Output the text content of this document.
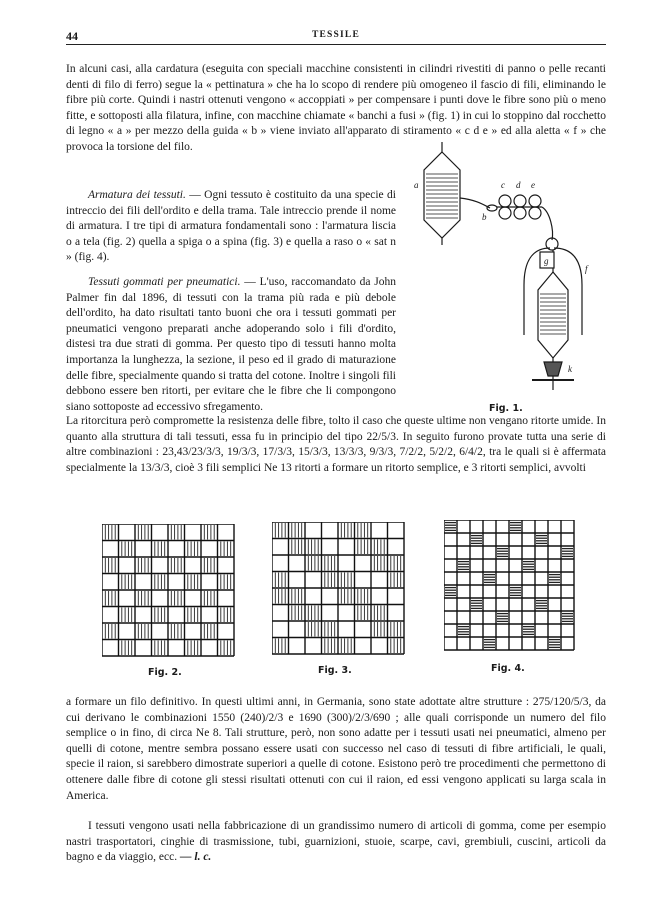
44	TESSILE

In alcuni casi, alla cardatura (eseguita con speciali macchine consistenti in cilindri rivestiti di panno o pelle recanti denti di filo di ferro) segue la « pettinatura » che ha lo scopo di rendere più omogeneo il fascio di fili, eliminando le fibre più corte. Quindi i nastri ottenuti vengono « accoppiati » per compensare i punti dove le fibre sono più o meno fitte, e sottoposti alla filatura, infine, con macchine chiamate « banchi a fusi » (fig. 1) in cui lo stoppino dal rocchetto di legno « a » per mezzo della guida « b » viene inviato all'apparato di stiramento « c d e » ed alla aletta « f » che provoca la torsione del filo.

Armatura dei tessuti. — Ogni tessuto è costituito da una specie di intreccio dei fili dell'ordito e della trama. Tale intreccio prende il nome di armatura. I tre tipi di armatura fondamentali sono : l'armatura liscia o a tela (fig. 2) quella a spiga o a spina (fig. 3) e quella a raso o « sat n » (fig. 4).

Tessuti gommati per pneumatici. — L'uso, raccomandato da John Palmer fin dal 1896, di tessuti con la trama più rada e più debole dell'ordito, ha dato risultati tanto buoni che ora i tessuti gommati per pneumatici vengono preparati anche adoperando solo i fili d'ordito, distesi tra due strati di gomma. Per questo tipo di tessuti hanno molta importanza la lunghezza, la sezione, il peso ed il grado di maturazione delle fibre, specialmente quando si tratta del cotone. Inoltre i singoli fili debbono essere ben ritorti, per evitare che le fibre che li compongono siano sottoposte ad eccessivo sfregamento.

La ritorcitura però compromette la resistenza delle fibre, tolto il caso che queste ultime non vengano ritorte umide. In quanto alla struttura di tali tessuti, essa fu in principio del tipo 22/5/3. In seguito furono provate tutta una serie di altre combinazioni : 23,43/23/3/3, 19/3/3, 17/3/3, 15/3/3, 13/3/3, 9/3/3, 7/2/2, 5/2/2, 6/4/2, tra le quali si è affermata specialmente la 13/3/3, cioè 3 fili semplici Ne 13 ritorti a formare un ritorto semplice, e 3 ritorti semplici, avvolti

a
b
c d e
f
g
k
Fig. 1.
Fig. 2.	Fig. 3.	Fig. 4.

a formare un filo definitivo. In questi ultimi anni, in Germania, sono state adottate altre strutture : 275/120/5/3, da cui derivano le combinazioni 1550 (240)/2/3 e 1690 (300)/2/3/690 ; alle quali corrisponde un numero del filo semplice o in fino, di circa Ne 8. Tali strutture, però, non sono adatte per i tessuti usati nei pneumatici, almeno per quelli di cotone, mentre sembra possano essere usati con successo nel caso di tessuti di fibre artificiali, le quali, specie il raion, si sarebbero dimostrate superiori a quelle di cotone. Esistono però tre procedimenti che permettono di ottenere dalle fibre di cotone gli stessi risultati ottenuti con cui il raion, ed essi vengono applicati su larga scala in America.

I tessuti vengono usati nella fabbricazione di un grandissimo numero di articoli di gomma, come per esempio nastri trasportatori, cinghie di trasmissione, tubi, guarnizioni, stuoie, scarpe, cavi, grembiuli, cuscini, articoli da bagno e da viaggio, ecc. — l. c.
